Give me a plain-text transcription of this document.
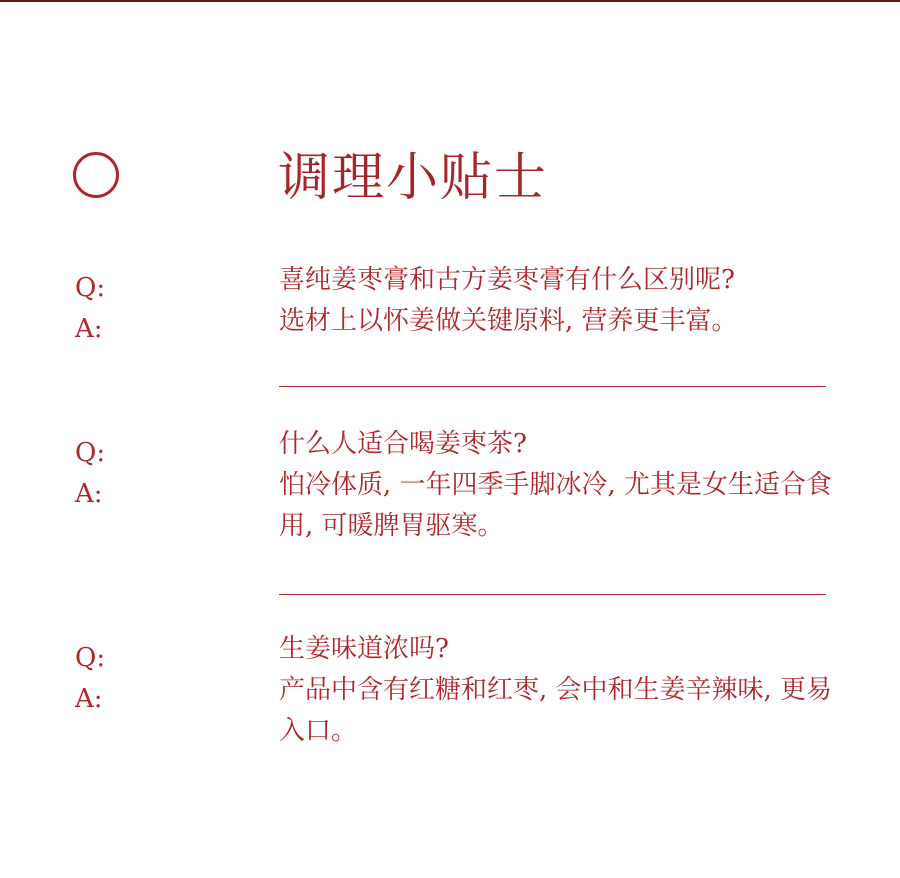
调理小贴士
Q:
A:
喜纯姜枣膏和古方姜枣膏有什么区别呢?
选材上以怀姜做关键原料, 营养更丰富。
Q:
A:
什么人适合喝姜枣茶?
怕冷体质, 一年四季手脚冰冷, 尤其是女生适合食用, 可暖脾胃驱寒。
Q:
A:
生姜味道浓吗?
产品中含有红糖和红枣, 会中和生姜辛辣味, 更易入口。
